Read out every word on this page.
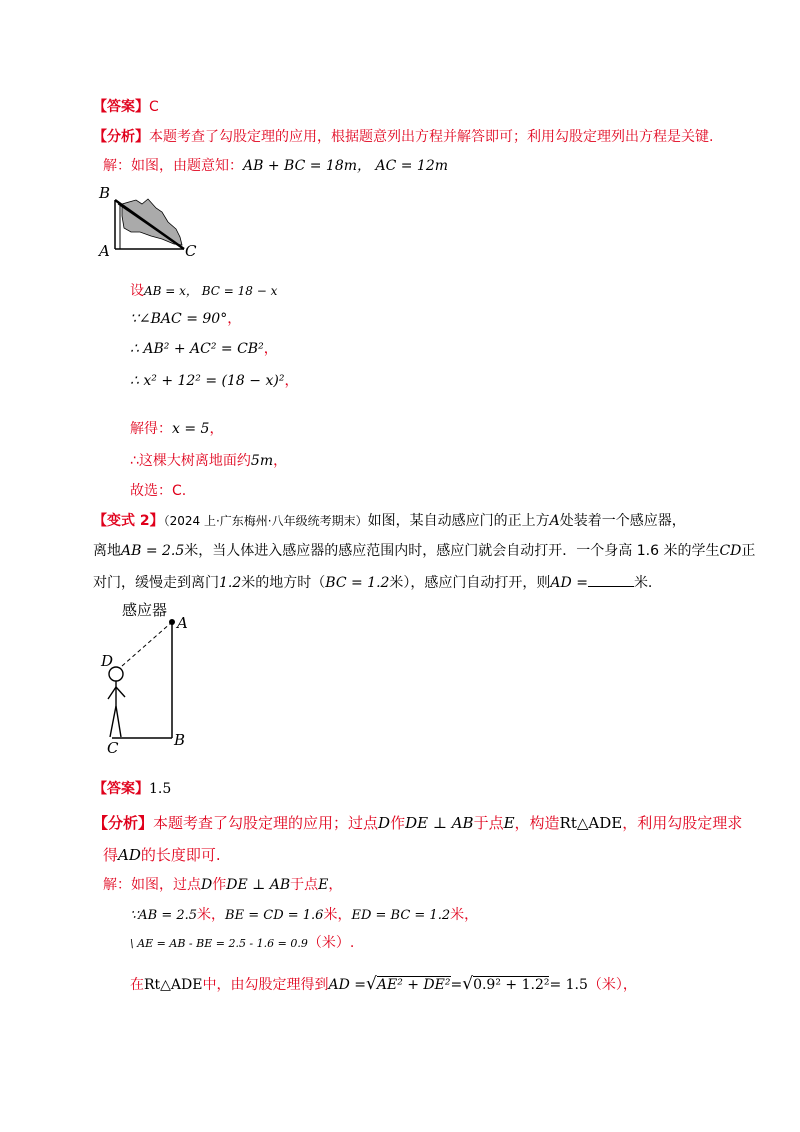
【答案】C
【分析】本题考查了勾股定理的应用，根据题意列出方程并解答即可；利用勾股定理列出方程是关键.
解：如图，由题意知：AB + BC = 18m， AC = 12m
B
A	C
设AB = x， BC = 18 − x
∵∠BAC = 90°，
∴ AB² + AC² = CB²，
∴ x² + 12² = (18 − x)²，
解得：x = 5，
∴这棵大树离地面约5m，
故选：C.
【变式 2】（2024 上·广东梅州·八年级统考期末）如图，某自动感应门的正上方A处装着一个感应器，
离地AB = 2.5米，当人体进入感应器的感应范围内时，感应门就会自动打开．一个身高 1.6 米的学生CD正
对门，缓慢走到离门1.2米的地方时（BC = 1.2米），感应门自动打开，则AD =	米.
感应器
A
D
C	B
【答案】1.5
【分析】本题考查了勾股定理的应用；过点D作DE ⊥ AB于点E，构造Rt△ADE，利用勾股定理求
得AD的长度即可.
解：如图，过点D作DE ⊥ AB于点E，
∵AB = 2.5米，BE = CD = 1.6米，ED = BC = 1.2米，
\ AE = AB - BE = 2.5 - 1.6 = 0.9（米）.
在Rt△ADE中，由勾股定理得到AD =√AE² + DE²=√0.9² + 1.2²= 1.5（米），
